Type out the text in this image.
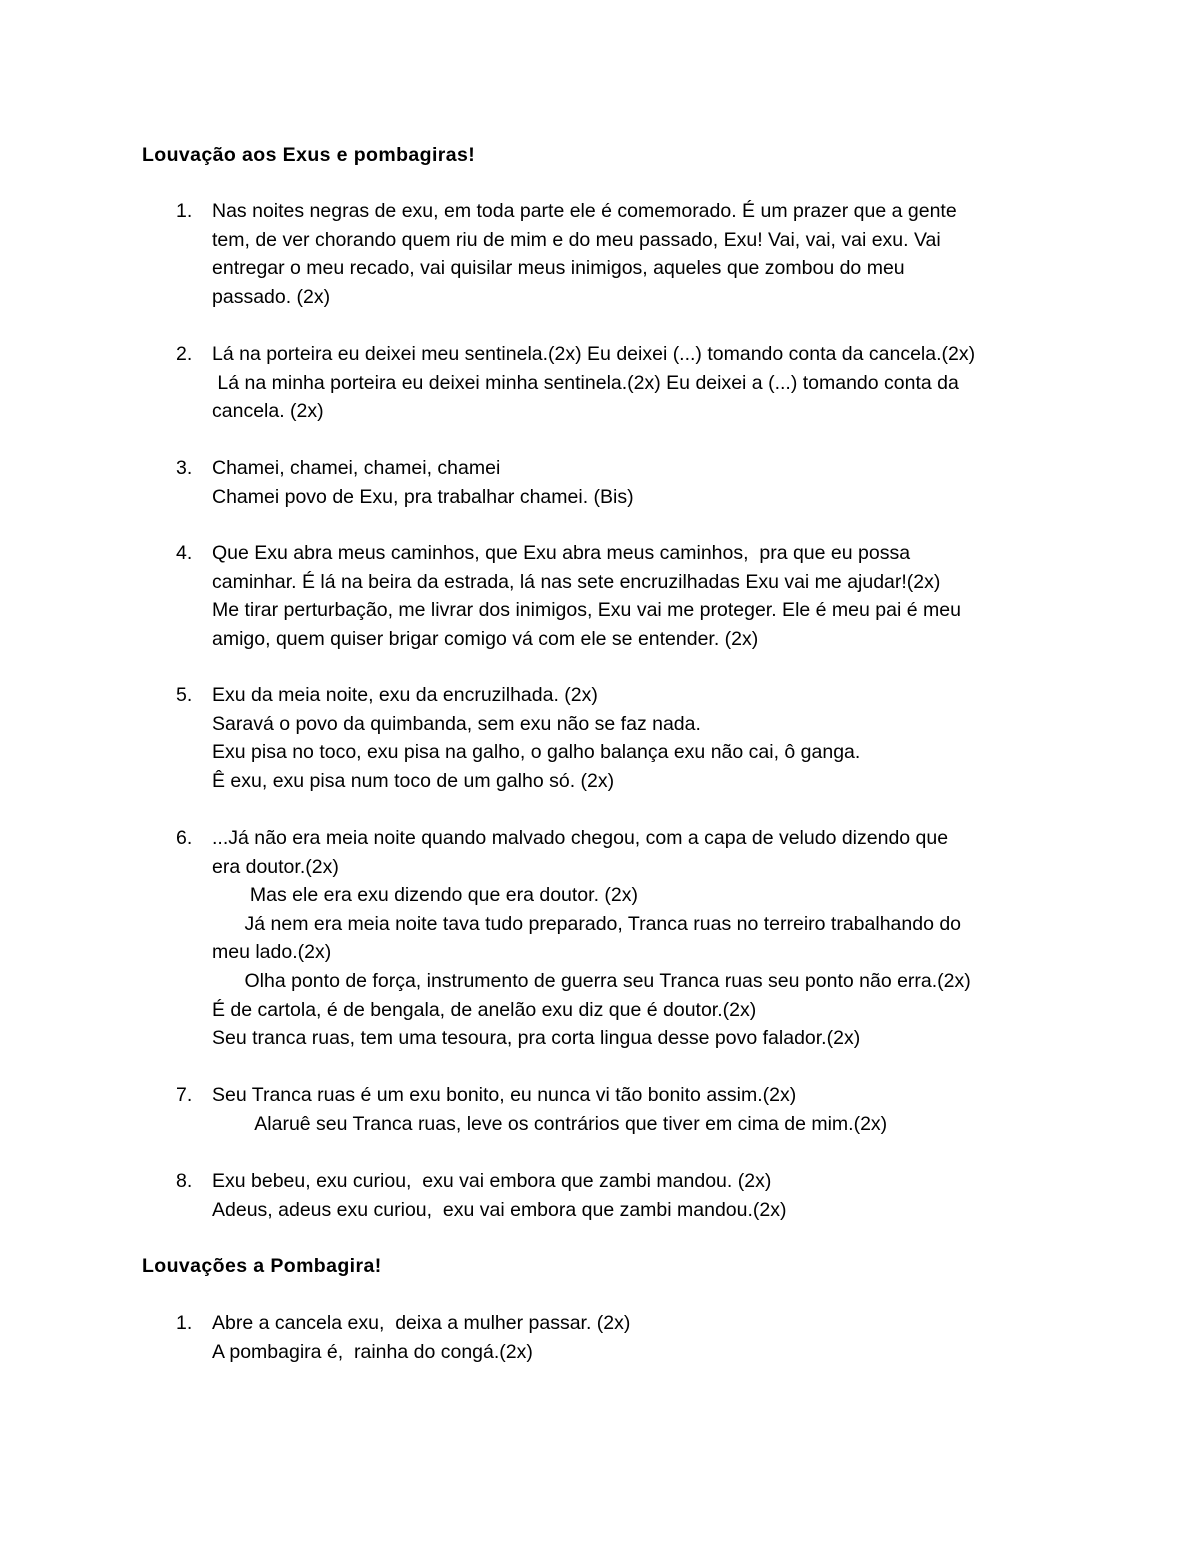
Louvação aos Exus e pombagiras!
1.	Nas noites negras de exu, em toda parte ele é comemorado. É um prazer que a gente
tem, de ver chorando quem riu de mim e do meu passado, Exu! Vai, vai, vai exu. Vai
entregar o meu recado, vai quisilar meus inimigos, aqueles que zombou do meu
passado. (2x)
2.	Lá na porteira eu deixei meu sentinela.(2x) Eu deixei (...) tomando conta da cancela.(2x)
Lá na minha porteira eu deixei minha sentinela.(2x) Eu deixei a (...) tomando conta da
cancela. (2x)
3.	Chamei, chamei, chamei, chamei
Chamei povo de Exu, pra trabalhar chamei. (Bis)
4.	Que Exu abra meus caminhos, que Exu abra meus caminhos,  pra que eu possa
caminhar. É lá na beira da estrada, lá nas sete encruzilhadas Exu vai me ajudar!(2x)
Me tirar perturbação, me livrar dos inimigos, Exu vai me proteger. Ele é meu pai é meu
amigo, quem quiser brigar comigo vá com ele se entender. (2x)
5.	Exu da meia noite, exu da encruzilhada. (2x)
Saravá o povo da quimbanda, sem exu não se faz nada.
Exu pisa no toco, exu pisa na galho, o galho balança exu não cai, ô ganga.
Ê exu, exu pisa num toco de um galho só. (2x)
6.	...Já não era meia noite quando malvado chegou, com a capa de veludo dizendo que
era doutor.(2x)
Mas ele era exu dizendo que era doutor. (2x)
Já nem era meia noite tava tudo preparado, Tranca ruas no terreiro trabalhando do
meu lado.(2x)
Olha ponto de força, instrumento de guerra seu Tranca ruas seu ponto não erra.(2x)
É de cartola, é de bengala, de anelão exu diz que é doutor.(2x)
Seu tranca ruas, tem uma tesoura, pra corta lingua desse povo falador.(2x)
7.	Seu Tranca ruas é um exu bonito, eu nunca vi tão bonito assim.(2x)
Alaruê seu Tranca ruas, leve os contrários que tiver em cima de mim.(2x)
8.	Exu bebeu, exu curiou,  exu vai embora que zambi mandou. (2x)
Adeus, adeus exu curiou,  exu vai embora que zambi mandou.(2x)
Louvações a Pombagira!
1.	Abre a cancela exu,  deixa a mulher passar. (2x)
A pombagira é,  rainha do congá.(2x)
